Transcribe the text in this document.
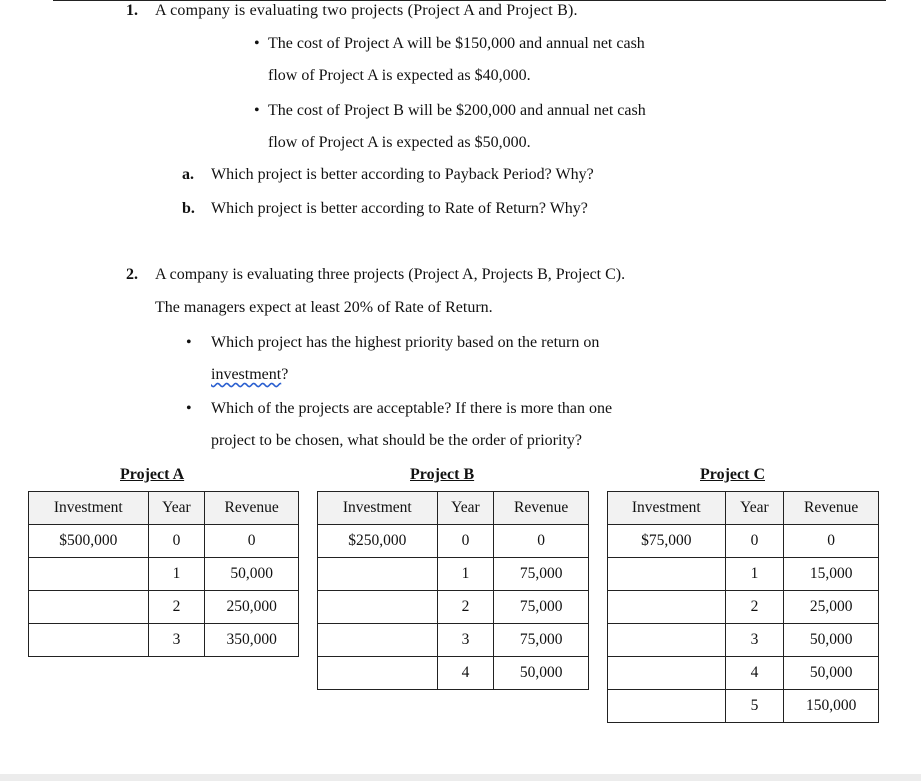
1. A company is evaluating two projects (Project A and Project B).
• The cost of Project A will be $150,000 and annual net cash
flow of Project A is expected as $40,000.
• The cost of Project B will be $200,000 and annual net cash
flow of Project A is expected as $50,000.
a. Which project is better according to Payback Period? Why?
b. Which project is better according to Rate of Return? Why?
2. A company is evaluating three projects (Project A, Projects B, Project C).
The managers expect at least 20% of Rate of Return.
• Which project has the highest priority based on the return on
investment?
• Which of the projects are acceptable? If there is more than one
project to be chosen, what should be the order of priority?
Project A	Project B	Project C
Investment	Year	Revenue
$500,000	0	0
	1	50,000
	2	250,000
	3	350,000
Investment	Year	Revenue
$250,000	0	0
	1	75,000
	2	75,000
	3	75,000
	4	50,000
Investment	Year	Revenue
$75,000	0	0
	1	15,000
	2	25,000
	3	50,000
	4	50,000
	5	150,000
